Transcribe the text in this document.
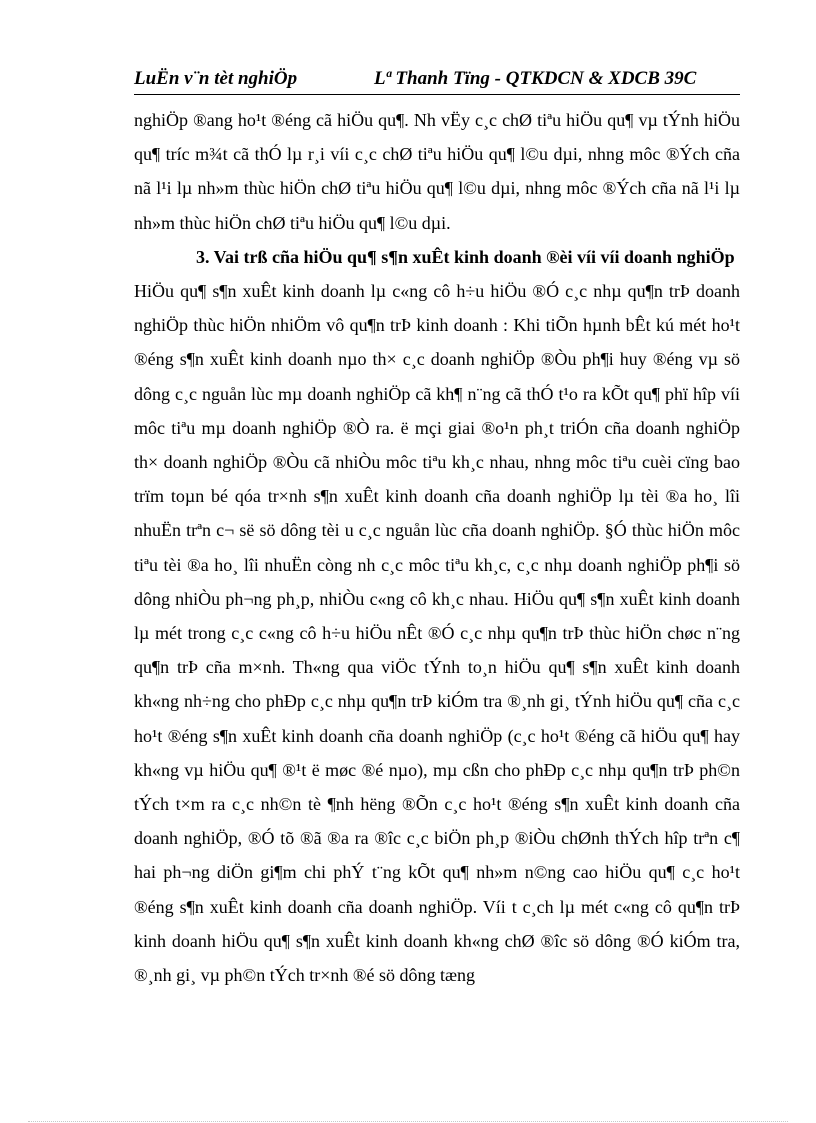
LuËn v¨n tèt nghiÖp	Lª Thanh Tïng - QTKDCN & XDCB 39C

nghiÖp ®ang ho¹t ®éng cã hiÖu qu¶. Nh vËy c¸c chØ tiªu hiÖu qu¶ vµ tÝnh hiÖu qu¶ tríc m¾t cã thÓ lµ r¸i víi c¸c chØ tiªu hiÖu qu¶ l©u dµi, nhng môc ®Ých cña nã l¹i lµ nh»m thùc hiÖn chØ tiªu hiÖu qu¶ l©u dµi, nhng môc ®Ých cña nã l¹i lµ nh»m thùc hiÖn chØ tiªu hiÖu qu¶ l©u dµi.

3. Vai trß cña hiÖu qu¶ s¶n xuÊt kinh doanh ®èi víi víi doanh nghiÖp

HiÖu qu¶ s¶n xuÊt kinh doanh lµ c«ng cô h÷u hiÖu ®Ó c¸c nhµ qu¶n trÞ doanh nghiÖp thùc hiÖn nhiÖm vô qu¶n trÞ kinh doanh : Khi tiÕn hµnh bÊt kú mét ho¹t ®éng s¶n xuÊt kinh doanh nµo th× c¸c doanh nghiÖp ®Òu ph¶i huy ®éng vµ sö dông c¸c nguån lùc mµ doanh nghiÖp cã kh¶ n¨ng cã thÓ t¹o ra kÕt qu¶ phï hîp víi môc tiªu mµ doanh nghiÖp ®Ò ra. ë mçi giai ®o¹n ph¸t triÓn cña doanh nghiÖp th× doanh nghiÖp ®Òu cã nhiÒu môc tiªu kh¸c nhau, nhng môc tiªu cuèi cïng bao trïm toµn bé qóa tr×nh s¶n xuÊt kinh doanh cña doanh nghiÖp lµ tèi ®a ho¸ lîi nhuËn trªn c¬ së sö dông tèi u c¸c nguån lùc cña doanh nghiÖp. §Ó thùc hiÖn môc tiªu tèi ®a ho¸ lîi nhuËn còng nh c¸c môc tiªu kh¸c, c¸c nhµ doanh nghiÖp ph¶i sö dông nhiÒu ph¬ng ph¸p, nhiÒu c«ng cô kh¸c nhau. HiÖu qu¶ s¶n xuÊt kinh doanh lµ mét trong c¸c c«ng cô h÷u hiÖu nÊt ®Ó c¸c nhµ qu¶n trÞ thùc hiÖn chøc n¨ng qu¶n trÞ cña m×nh. Th«ng qua viÖc tÝnh to¸n hiÖu qu¶ s¶n xuÊt kinh doanh kh«ng nh÷ng cho phÐp c¸c nhµ qu¶n trÞ kiÓm tra ®¸nh gi¸ tÝnh hiÖu qu¶ cña c¸c ho¹t ®éng s¶n xuÊt kinh doanh cña doanh nghiÖp (c¸c ho¹t ®éng cã hiÖu qu¶ hay kh«ng vµ hiÖu qu¶ ®¹t ë møc ®é nµo), mµ cßn cho phÐp c¸c nhµ qu¶n trÞ ph©n tÝch t×m ra c¸c nh©n tè ¶nh hëng ®Õn c¸c ho¹t ®éng s¶n xuÊt kinh doanh cña doanh nghiÖp, ®Ó tõ ®ã ®a ra ®îc c¸c biÖn ph¸p ®iÒu chØnh thÝch hîp trªn c¶ hai ph¬ng diÖn gi¶m chi phÝ t¨ng kÕt qu¶ nh»m n©ng cao hiÖu qu¶ c¸c ho¹t ®éng s¶n xuÊt kinh doanh cña doanh nghiÖp. Víi t c¸ch lµ mét c«ng cô qu¶n trÞ kinh doanh hiÖu qu¶ s¶n xuÊt kinh doanh kh«ng chØ ®îc sö dông ®Ó kiÓm tra, ®¸nh gi¸ vµ ph©n tÝch tr×nh ®é sö dông tæng
